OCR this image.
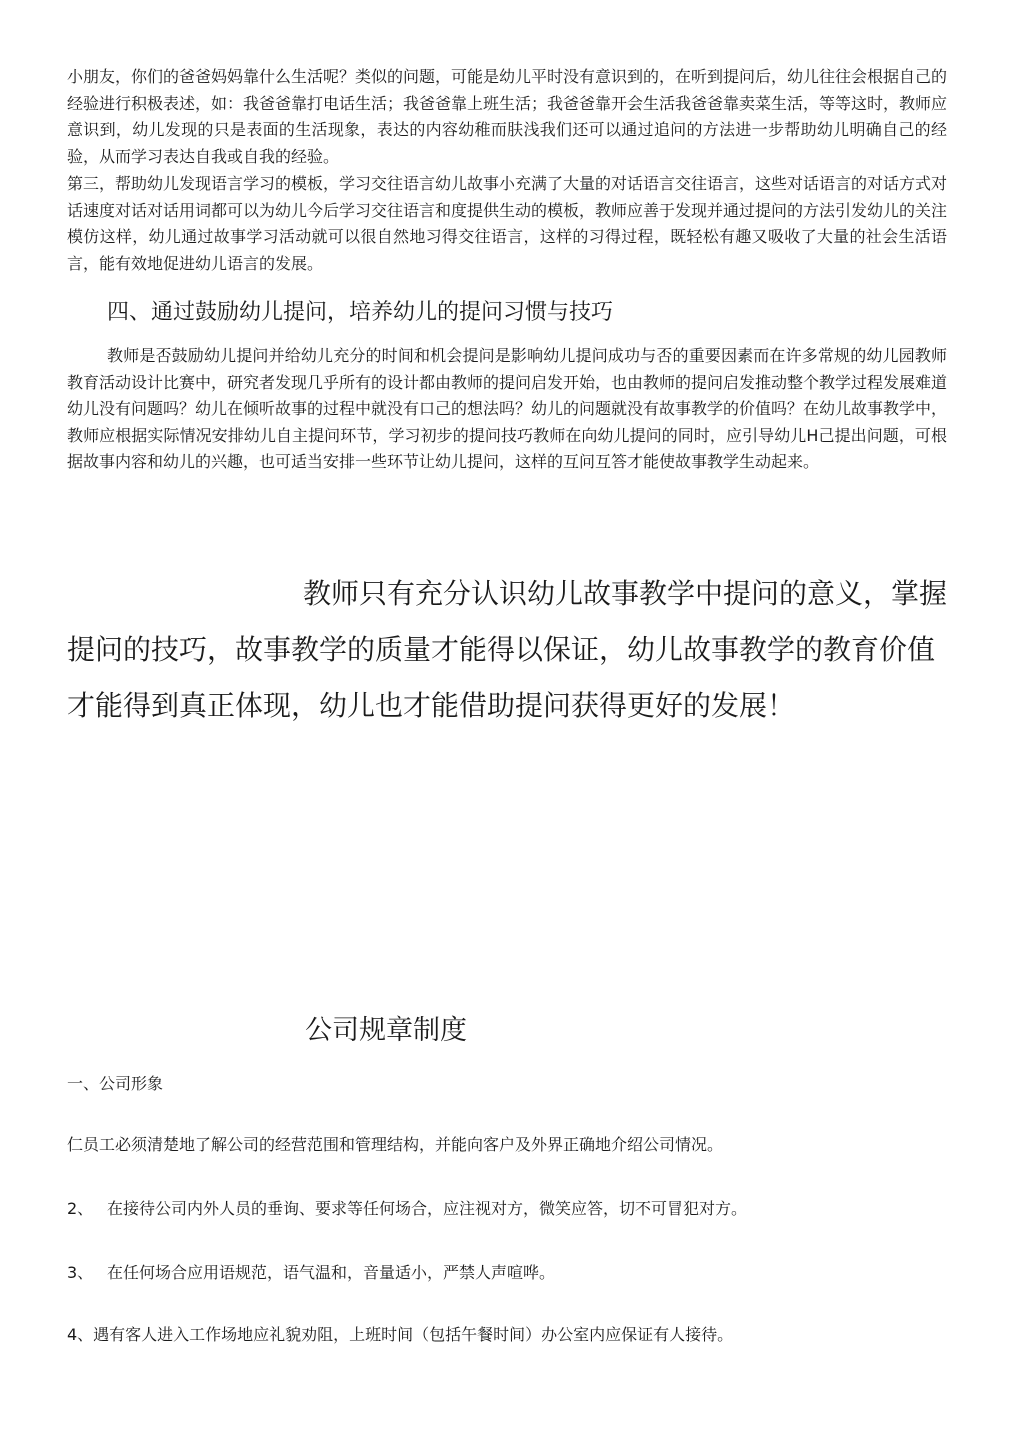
小朋友，你们的爸爸妈妈靠什么生活呢？类似的问题，可能是幼儿平时没有意识到的，在听到提问后，幼儿往往会根据自己的经验进行积极表述，如：我爸爸靠打电话生活；我爸爸靠上班生活；我爸爸靠开会生活我爸爸靠卖菜生活，等等这时，教师应意识到，幼儿发现的只是表面的生活现象，表达的内容幼稚而肤浅我们还可以通过追问的方法进一步帮助幼儿明确自己的经验，从而学习表达自我或自我的经验。

第三，帮助幼儿发现语言学习的模板，学习交往语言幼儿故事小充满了大量的对话语言交往语言，这些对话语言的对话方式对话速度对话对话用词都可以为幼儿今后学习交往语言和度提供生动的模板，教师应善于发现并通过提问的方法引发幼儿的关注模仿这样，幼儿通过故事学习活动就可以很自然地习得交往语言，这样的习得过程，既轻松有趣又吸收了大量的社会生活语言，能有效地促进幼儿语言的发展。

四、通过鼓励幼儿提问，培养幼儿的提问习惯与技巧

教师是否鼓励幼儿提问并给幼儿充分的时间和机会提问是影响幼儿提问成功与否的重要因素而在许多常规的幼儿园教师教育活动设计比赛中，研究者发现几乎所有的设计都由教师的提问启发开始，也由教师的提问启发推动整个教学过程发展难道幼儿没有问题吗？幼儿在倾听故事的过程中就没有口己的想法吗？幼儿的问题就没有故事教学的价值吗？在幼儿故事教学中，教师应根据实际情况安排幼儿自主提问环节，学习初步的提问技巧教师在向幼儿提问的同时，应引导幼儿H己提出问题，可根据故事内容和幼儿的兴趣，也可适当安排一些环节让幼儿提问，这样的互问互答才能使故事教学生动起来。

教师只有充分认识幼儿故事教学中提问的意义，掌握提问的技巧，故事教学的质量才能得以保证，幼儿故事教学的教育价值才能得到真正体现，幼儿也才能借助提问获得更好的发展！

公司规章制度

一、公司形象

仁员工必须清楚地了解公司的经营范围和管理结构，并能向客户及外界正确地介绍公司情况。

2、 在接待公司内外人员的垂询、要求等任何场合，应注视对方，微笑应答，切不可冒犯对方。

3、 在任何场合应用语规范，语气温和，音量适小，严禁人声喧哗。

4、遇有客人进入工作场地应礼貌劝阻，上班时间（包括午餐时间）办公室内应保证有人接待。
